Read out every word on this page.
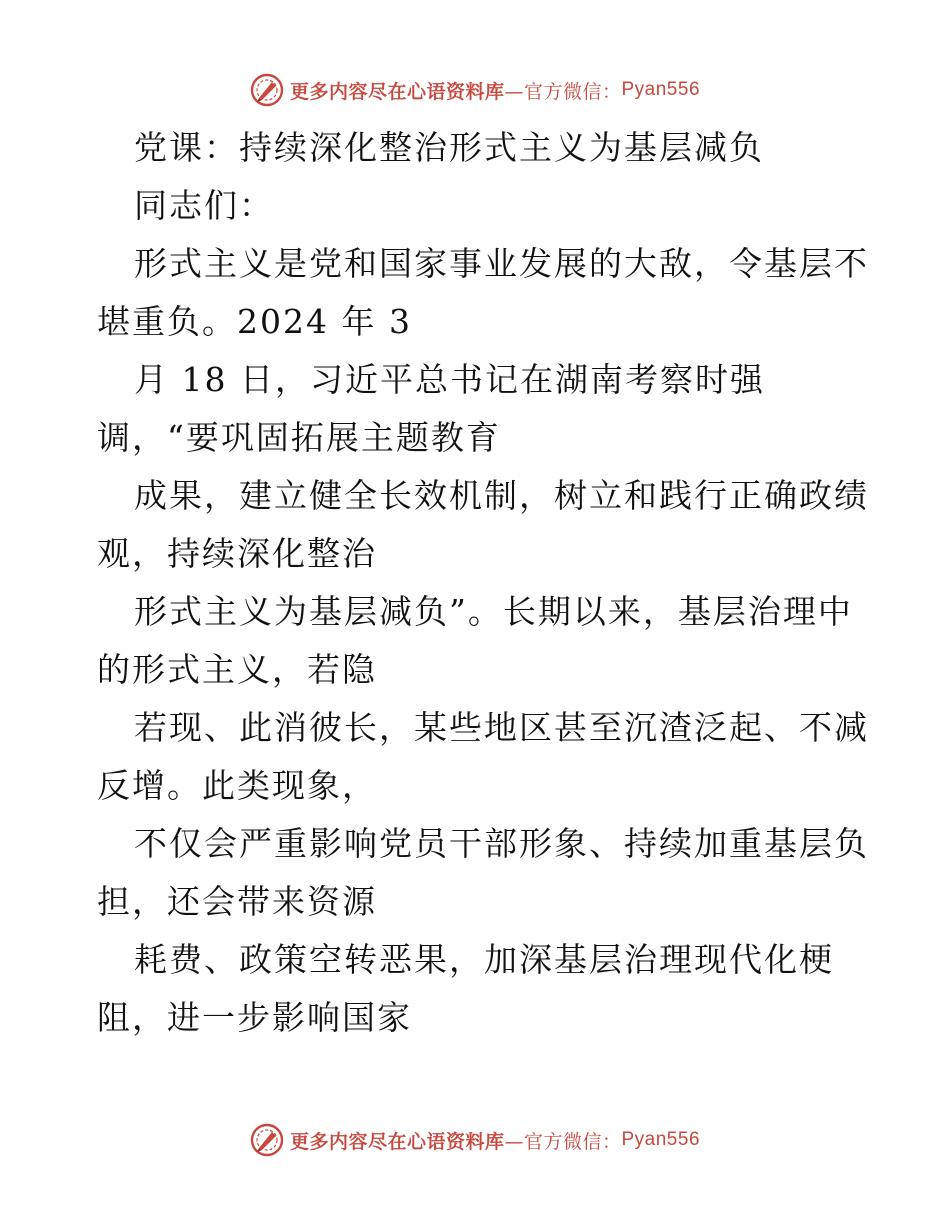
更多内容尽在心语资料库 —官方微信： Pyan556
党课：持续深化整治形式主义为基层减负
同志们：
形式主义是党和国家事业发展的大敌，令基层不
堪重负。2024 年 3
月 18 日，习近平总书记在湖南考察时强
调，“要巩固拓展主题教育
成果，建立健全长效机制，树立和践行正确政绩
观，持续深化整治
形式主义为基层减负”。长期以来，基层治理中
的形式主义，若隐
若现、此消彼长，某些地区甚至沉渣泛起、不减
反增。此类现象，
不仅会严重影响党员干部形象、持续加重基层负
担，还会带来资源
耗费、政策空转恶果，加深基层治理现代化梗
阻，进一步影响国家
更多内容尽在心语资料库 —官方微信： Pyan556
